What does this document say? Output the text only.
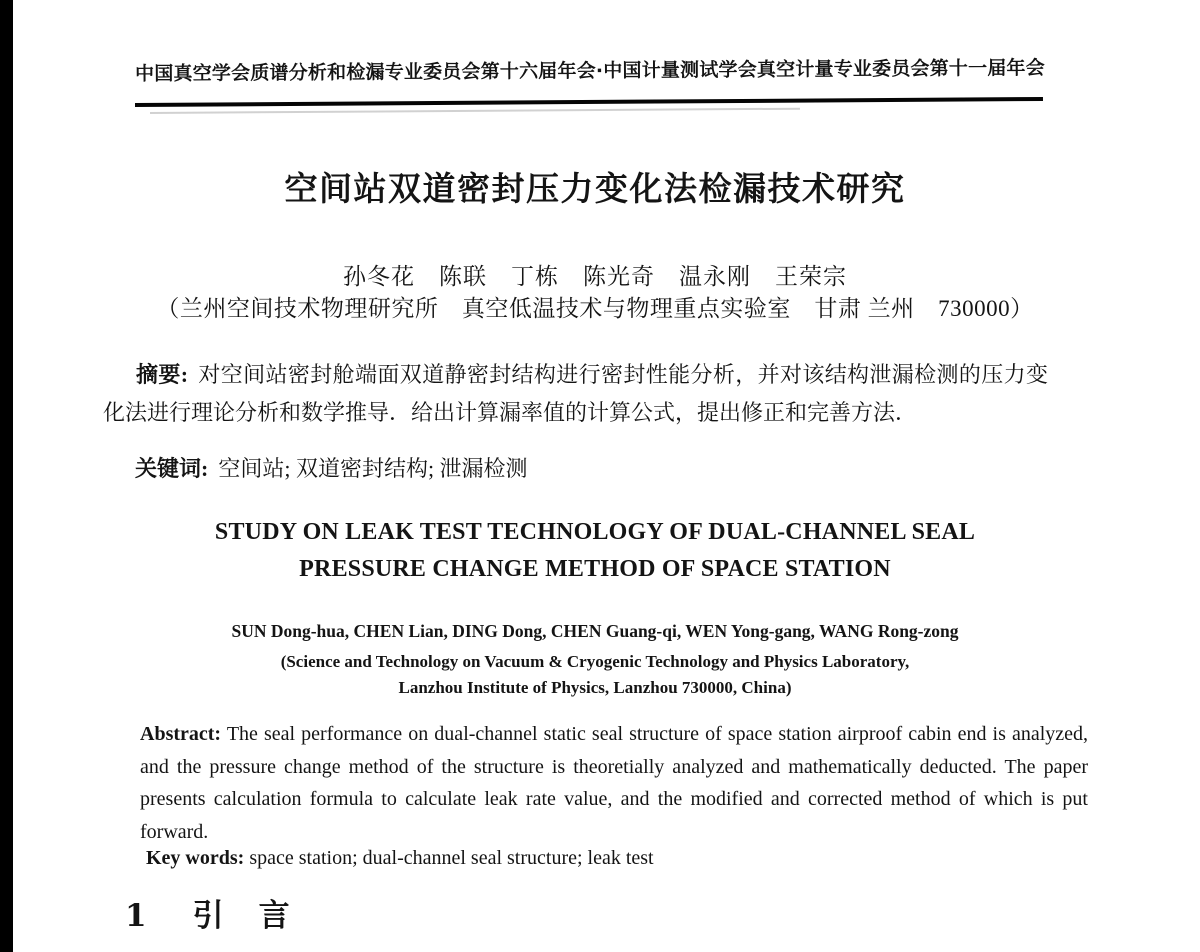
中国真空学会质谱分析和检漏专业委员会第十六届年会·中国计量测试学会真空计量专业委员会第十一届年会
空间站双道密封压力变化法检漏技术研究
孙冬花　陈联　丁栋　陈光奇　温永刚　王荣宗
（兰州空间技术物理研究所　真空低温技术与物理重点实验室　甘肃 兰州　730000）

摘要: 对空间站密封舱端面双道静密封结构进行密封性能分析，并对该结构泄漏检测的压力变化法进行理论分析和数学推导．给出计算漏率值的计算公式，提出修正和完善方法．

关键词: 空间站; 双道密封结构; 泄漏检测
STUDY ON LEAK TEST TECHNOLOGY OF DUAL-CHANNEL SEAL
PRESSURE CHANGE METHOD OF SPACE STATION
SUN Dong-hua, CHEN Lian, DING Dong, CHEN Guang-qi, WEN Yong-gang, WANG Rong-zong
(Science and Technology on Vacuum & Cryogenic Technology and Physics Laboratory,
Lanzhou Institute of Physics, Lanzhou 730000, China)

Abstract: The seal performance on dual-channel static seal structure of space station airproof cabin end is analyzed, and the pressure change method of the structure is theoretially analyzed and mathematically deducted. The paper presents calculation formula to calculate leak rate value, and the modified and corrected method of which is put forward.

Key words: space station; dual-channel seal structure; leak test
1 引　言
